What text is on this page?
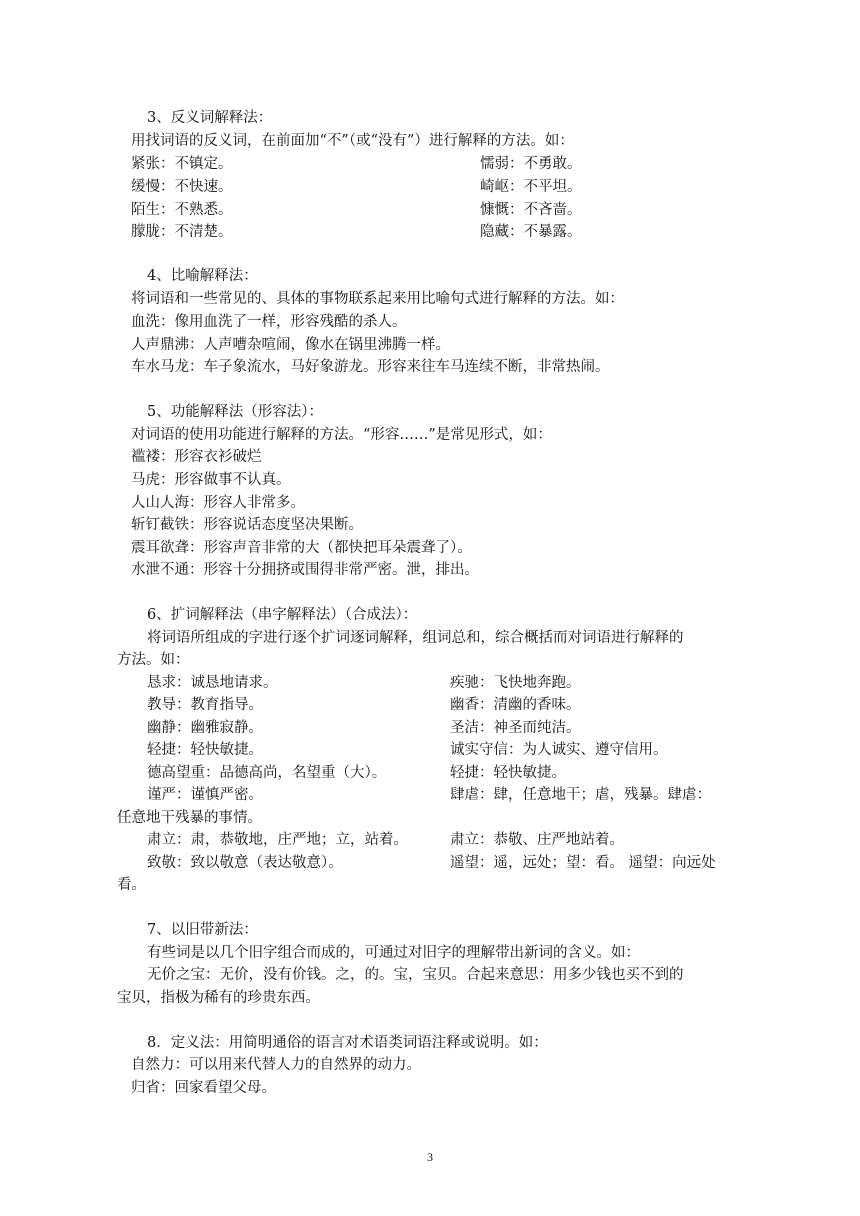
3、反义词解释法：
用找词语的反义词，在前面加“不”（或“没有”）进行解释的方法。如：
紧张：不镇定。	懦弱：不勇敢。
缓慢：不快速。	崎岖：不平坦。
陌生：不熟悉。	慷慨：不吝啬。
朦胧：不清楚。	隐藏：不暴露。
4、比喻解释法：
将词语和一些常见的、具体的事物联系起来用比喻句式进行解释的方法。如：
血洗：像用血洗了一样，形容残酷的杀人。
人声鼎沸：人声嘈杂喧闹，像水在锅里沸腾一样。
车水马龙：车子象流水，马好象游龙。形容来往车马连续不断，非常热闹。
5、功能解释法（形容法）：
对词语的使用功能进行解释的方法。“形容……”是常见形式，如：
褴褛：形容衣衫破烂
马虎：形容做事不认真。
人山人海：形容人非常多。
斩钉截铁：形容说话态度坚决果断。
震耳欲聋：形容声音非常的大（都快把耳朵震聋了）。
水泄不通：形容十分拥挤或围得非常严密。泄，排出。
6、扩词解释法（串字解释法）（合成法）：
将词语所组成的字进行逐个扩词逐词解释，组词总和，综合概括而对词语进行解释的
方法。如：
恳求：诚恳地请求。	疾驰：飞快地奔跑。
教导：教育指导。	幽香：清幽的香味。
幽静：幽雅寂静。	圣洁：神圣而纯洁。
轻捷：轻快敏捷。	诚实守信：为人诚实、遵守信用。
德高望重：品德高尚，名望重（大）。	轻捷：轻快敏捷。
谨严：谨慎严密。	肆虐：肆，任意地干；虐，残暴。肆虐：
任意地干残暴的事情。
肃立：肃，恭敬地，庄严地；立，站着。	肃立：恭敬、庄严地站着。
致敬：致以敬意（表达敬意）。	遥望：遥，远处；望：看。 遥望：向远处
看。
7、以旧带新法：
有些词是以几个旧字组合而成的，可通过对旧字的理解带出新词的含义。如：
无价之宝：无价，没有价钱。之，的。宝，宝贝。合起来意思：用多少钱也买不到的
宝贝，指极为稀有的珍贵东西。
8．定义法：用简明通俗的语言对术语类词语注释或说明。如：
自然力：可以用来代替人力的自然界的动力。
归省：回家看望父母。
3
